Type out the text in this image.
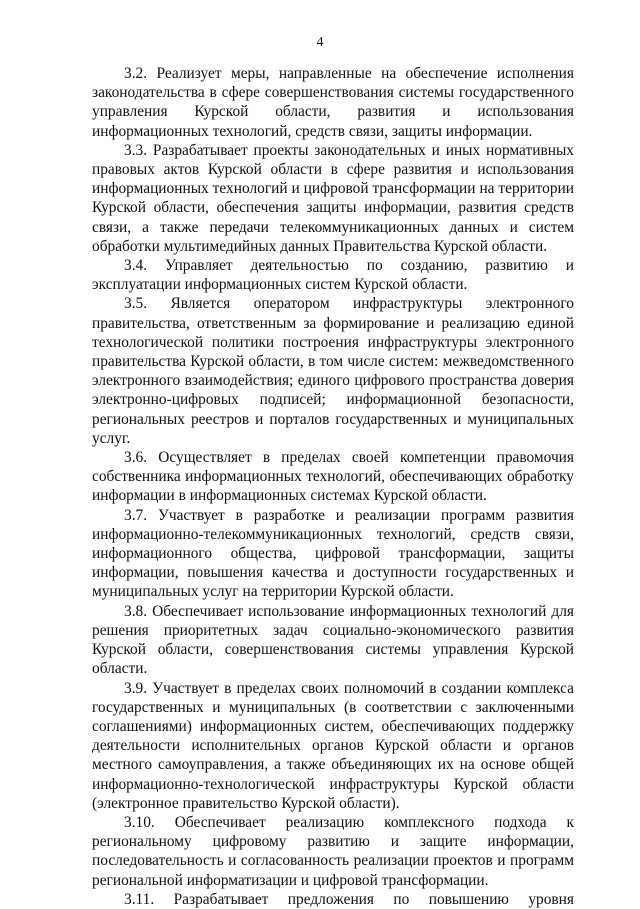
4

3.2. Реализует меры, направленные на обеспечение исполнения законодательства в сфере совершенствования системы государственного управления Курской области, развития и использования информационных технологий, средств связи, защиты информации.

3.3. Разрабатывает проекты законодательных и иных нормативных правовых актов Курской области в сфере развития и использования информационных технологий и цифровой трансформации на территории Курской области, обеспечения защиты информации, развития средств связи, а также передачи телекоммуникационных данных и систем обработки мультимедийных данных Правительства Курской области.

3.4. Управляет деятельностью по созданию, развитию и эксплуатации информационных систем Курской области.

3.5. Является оператором инфраструктуры электронного правительства, ответственным за формирование и реализацию единой технологической политики построения инфраструктуры электронного правительства Курской области, в том числе систем: межведомственного электронного взаимодействия; единого цифрового пространства доверия электронно-цифровых подписей; информационной безопасности, региональных реестров и порталов государственных и муниципальных услуг.

3.6. Осуществляет в пределах своей компетенции правомочия собственника информационных технологий, обеспечивающих обработку информации в информационных системах Курской области.

3.7. Участвует в разработке и реализации программ развития информационно-телекоммуникационных технологий, средств связи, информационного общества, цифровой трансформации, защиты информации, повышения качества и доступности государственных и муниципальных услуг на территории Курской области.

3.8. Обеспечивает использование информационных технологий для решения приоритетных задач социально-экономического развития Курской области, совершенствования системы управления Курской области.

3.9. Участвует в пределах своих полномочий в создании комплекса государственных и муниципальных (в соответствии с заключенными соглашениями) информационных систем, обеспечивающих поддержку деятельности исполнительных органов Курской области и органов местного самоуправления, а также объединяющих их на основе общей информационно-технологической инфраструктуры Курской области (электронное правительство Курской области).

3.10. Обеспечивает реализацию комплексного подхода к региональному цифровому развитию и защите информации, последовательность и согласованность реализации проектов и программ региональной информатизации и цифровой трансформации.

3.11. Разрабатывает предложения по повышению уровня
